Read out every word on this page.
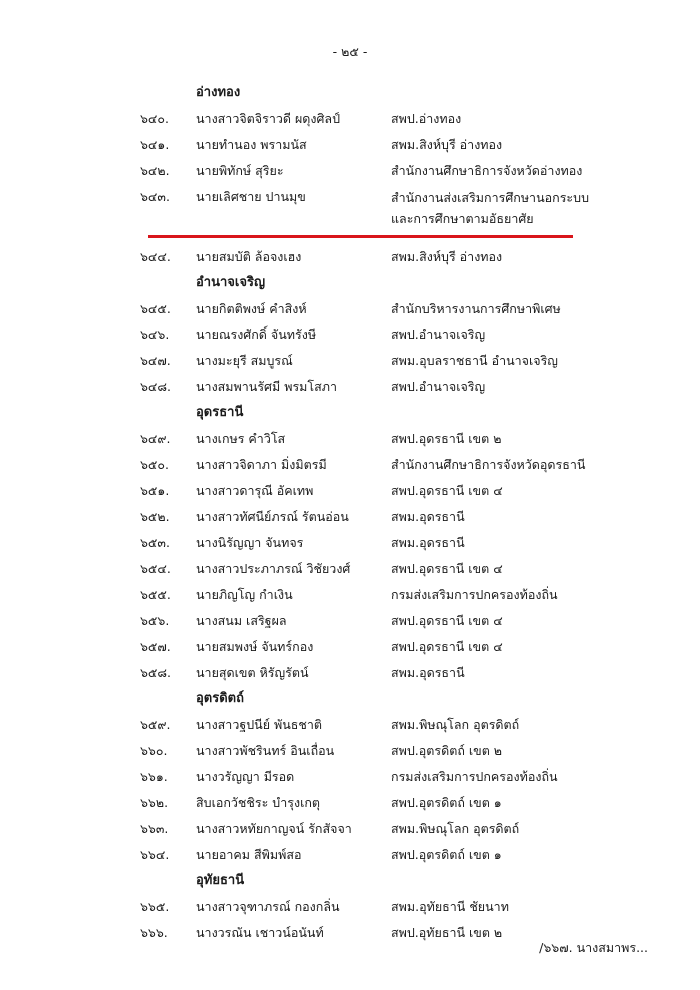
- ๒๕ -
อ่างทอง
๖๔๐. นางสาวจิตจิราวดี ผดุงศิลป์	สพป.อ่างทอง
๖๔๑. นายทำนอง พรามนัส	สพม.สิงห์บุรี อ่างทอง
๖๔๒. นายพิทักษ์ สุริยะ	สำนักงานศึกษาธิการจังหวัดอ่างทอง
๖๔๓. นายเลิศชาย ปานมุข	สำนักงานส่งเสริมการศึกษานอกระบบ
และการศึกษาตามอัธยาศัย
๖๔๔. นายสมบัติ ล้อจงเฮง	สพม.สิงห์บุรี อ่างทอง
อำนาจเจริญ
๖๔๕. นายกิตติพงษ์ คำสิงห์	สำนักบริหารงานการศึกษาพิเศษ
๖๔๖. นายณรงศักดิ์ จันทรังษี	สพป.อำนาจเจริญ
๖๔๗. นางมะยุรี สมบูรณ์	สพม.อุบลราชธานี อำนาจเจริญ
๖๔๘. นางสมพานรัศมี พรมโสภา	สพป.อำนาจเจริญ
อุดรธานี
๖๔๙. นางเกษร คำวิโส	สพป.อุดรธานี เขต ๒
๖๕๐. นางสาวจิดาภา มิ่งมิตรมี	สำนักงานศึกษาธิการจังหวัดอุดรธานี
๖๕๑. นางสาวดารุณี อัคเทพ	สพป.อุดรธานี เขต ๔
๖๕๒. นางสาวทัศนีย์ภรณ์ รัตนอ่อน	สพม.อุดรธานี
๖๕๓. นางนิรัญญา จันทจร	สพม.อุดรธานี
๖๕๔. นางสาวประภาภรณ์ วิชัยวงศ์	สพป.อุดรธานี เขต ๔
๖๕๕. นายภิญโญ กำเงิน	กรมส่งเสริมการปกครองท้องถิ่น
๖๕๖. นางสนม เสริฐผล	สพป.อุดรธานี เขต ๔
๖๕๗. นายสมพงษ์ จันทร์กอง	สพป.อุดรธานี เขต ๔
๖๕๘. นายสุดเขต หิรัญรัตน์	สพม.อุดรธานี
อุตรดิตถ์
๖๕๙. นางสาวฐปนีย์ พันธชาติ	สพม.พิษณุโลก อุตรดิตถ์
๖๖๐. นางสาวพัชรินทร์ อินเถื่อน	สพป.อุตรดิตถ์ เขต ๒
๖๖๑. นางวรัญญา มีรอด	กรมส่งเสริมการปกครองท้องถิ่น
๖๖๒. สิบเอกวัชชิระ บำรุงเกตุ	สพป.อุตรดิตถ์ เขต ๑
๖๖๓. นางสาวหทัยกาญจน์ รักสัจจา	สพม.พิษณุโลก อุตรดิตถ์
๖๖๔. นายอาคม สีพิมพ์สอ	สพป.อุตรดิตถ์ เขต ๑
อุทัยธานี
๖๖๕. นางสาวจุฑาภรณ์ กองกลิ่น	สพม.อุทัยธานี ชัยนาท
๖๖๖. นางวรณัน เชาวน์อนันท์	สพป.อุทัยธานี เขต ๒
/๖๖๗. นางสมาพร...
